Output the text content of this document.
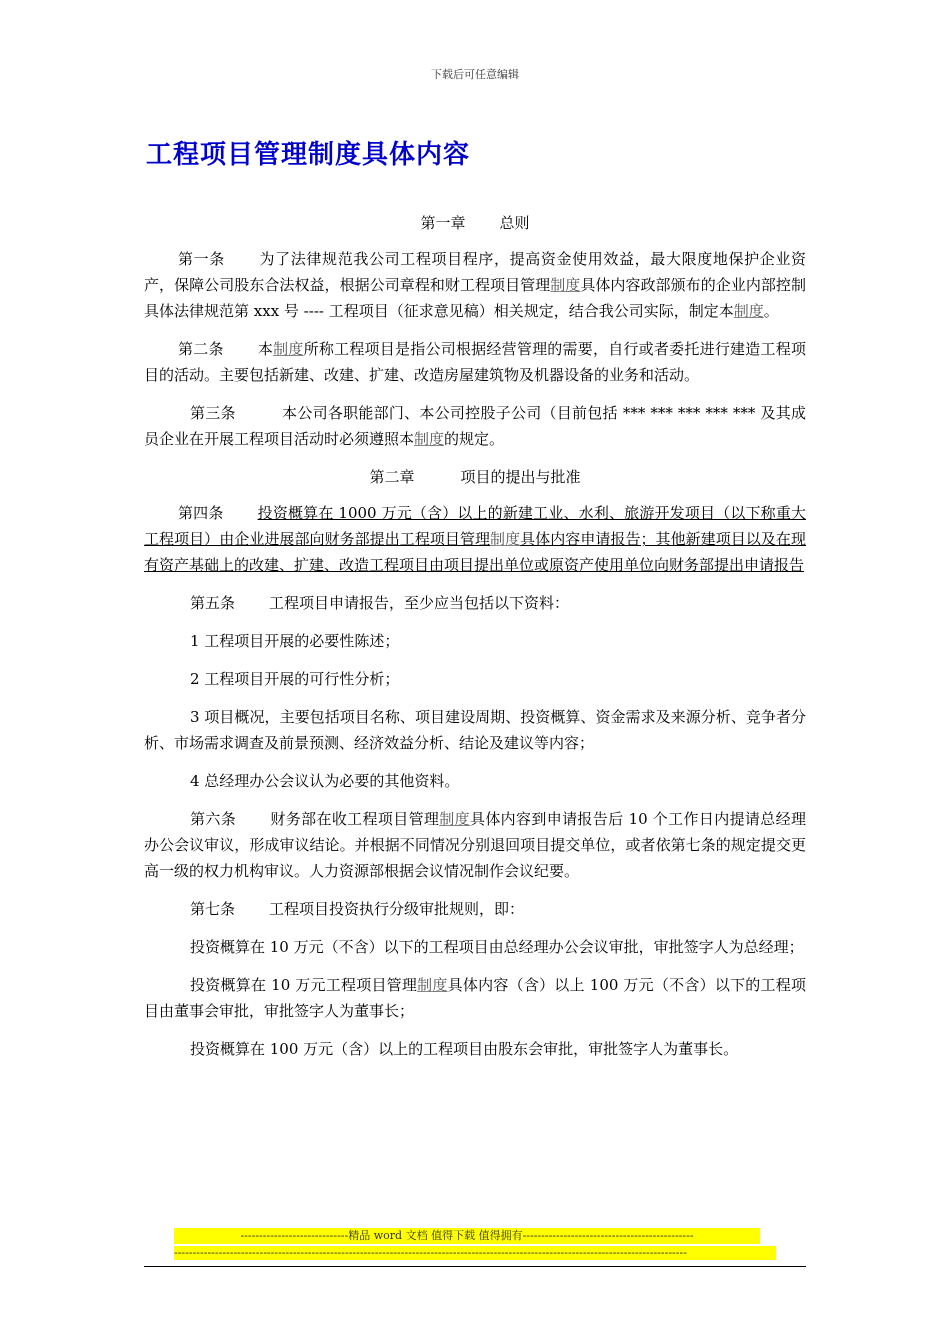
下载后可任意编辑
工程项目管理制度具体内容
第一章 总则

第一条 为了法律规范我公司工程项目程序，提高资金使用效益，最大限度地保护企业资产，保障公司股东合法权益，根据公司章程和财工程项目管理制度具体内容政部颁布的企业内部控制具体法律规范第 xxx 号 ---- 工程项目（征求意见稿）相关规定，结合我公司实际，制定本制度。

第二条 本制度所称工程项目是指公司根据经营管理的需要，自行或者委托进行建造工程项目的活动。主要包括新建、改建、扩建、改造房屋建筑物及机器设备的业务和活动。

第三条	本公司各职能部门、本公司控股子公司（目前包括 *** *** *** *** *** 及其成员企业在开展工程项目活动时必须遵照本制度的规定。

第二章	项目的提出与批准

第四条 投资概算在 1000 万元（含）以上的新建工业、水利、旅游开发项目（以下称重大工程项目）由企业进展部向财务部提出工程项目管理制度具体内容申请报告；其他新建项目以及在现有资产基础上的改建、扩建、改造工程项目由项目提出单位或原资产使用单位向财务部提出申请报告

第五条 工程项目申请报告，至少应当包括以下资料：

1 工程项目开展的必要性陈述；

2 工程项目开展的可行性分析；

3 项目概况，主要包括项目名称、项目建设周期、投资概算、资金需求及来源分析、竞争者分析、市场需求调查及前景预测、经济效益分析、结论及建议等内容；

4 总经理办公会议认为必要的其他资料。

第六条 财务部在收工程项目管理制度具体内容到申请报告后 10 个工作日内提请总经理办公会议审议，形成审议结论。并根据不同情况分别退回项目提交单位，或者依第七条的规定提交更高一级的权力机构审议。人力资源部根据会议情况制作会议纪要。

第七条 工程项目投资执行分级审批规则，即：

投资概算在 10 万元（不含）以下的工程项目由总经理办公会议审批，审批签字人为总经理；

投资概算在 10 万元工程项目管理制度具体内容（含）以上 100 万元（不含）以下的工程项目由董事会审批，审批签字人为董事长；

投资概算在 100 万元（含）以上的工程项目由股东会审批，审批签字人为董事长。

-----------------------------精品 word 文档 值得下载 值得拥有----------------------------------------------
------------------------------------------------------------------------------------------------------------------------------------------
